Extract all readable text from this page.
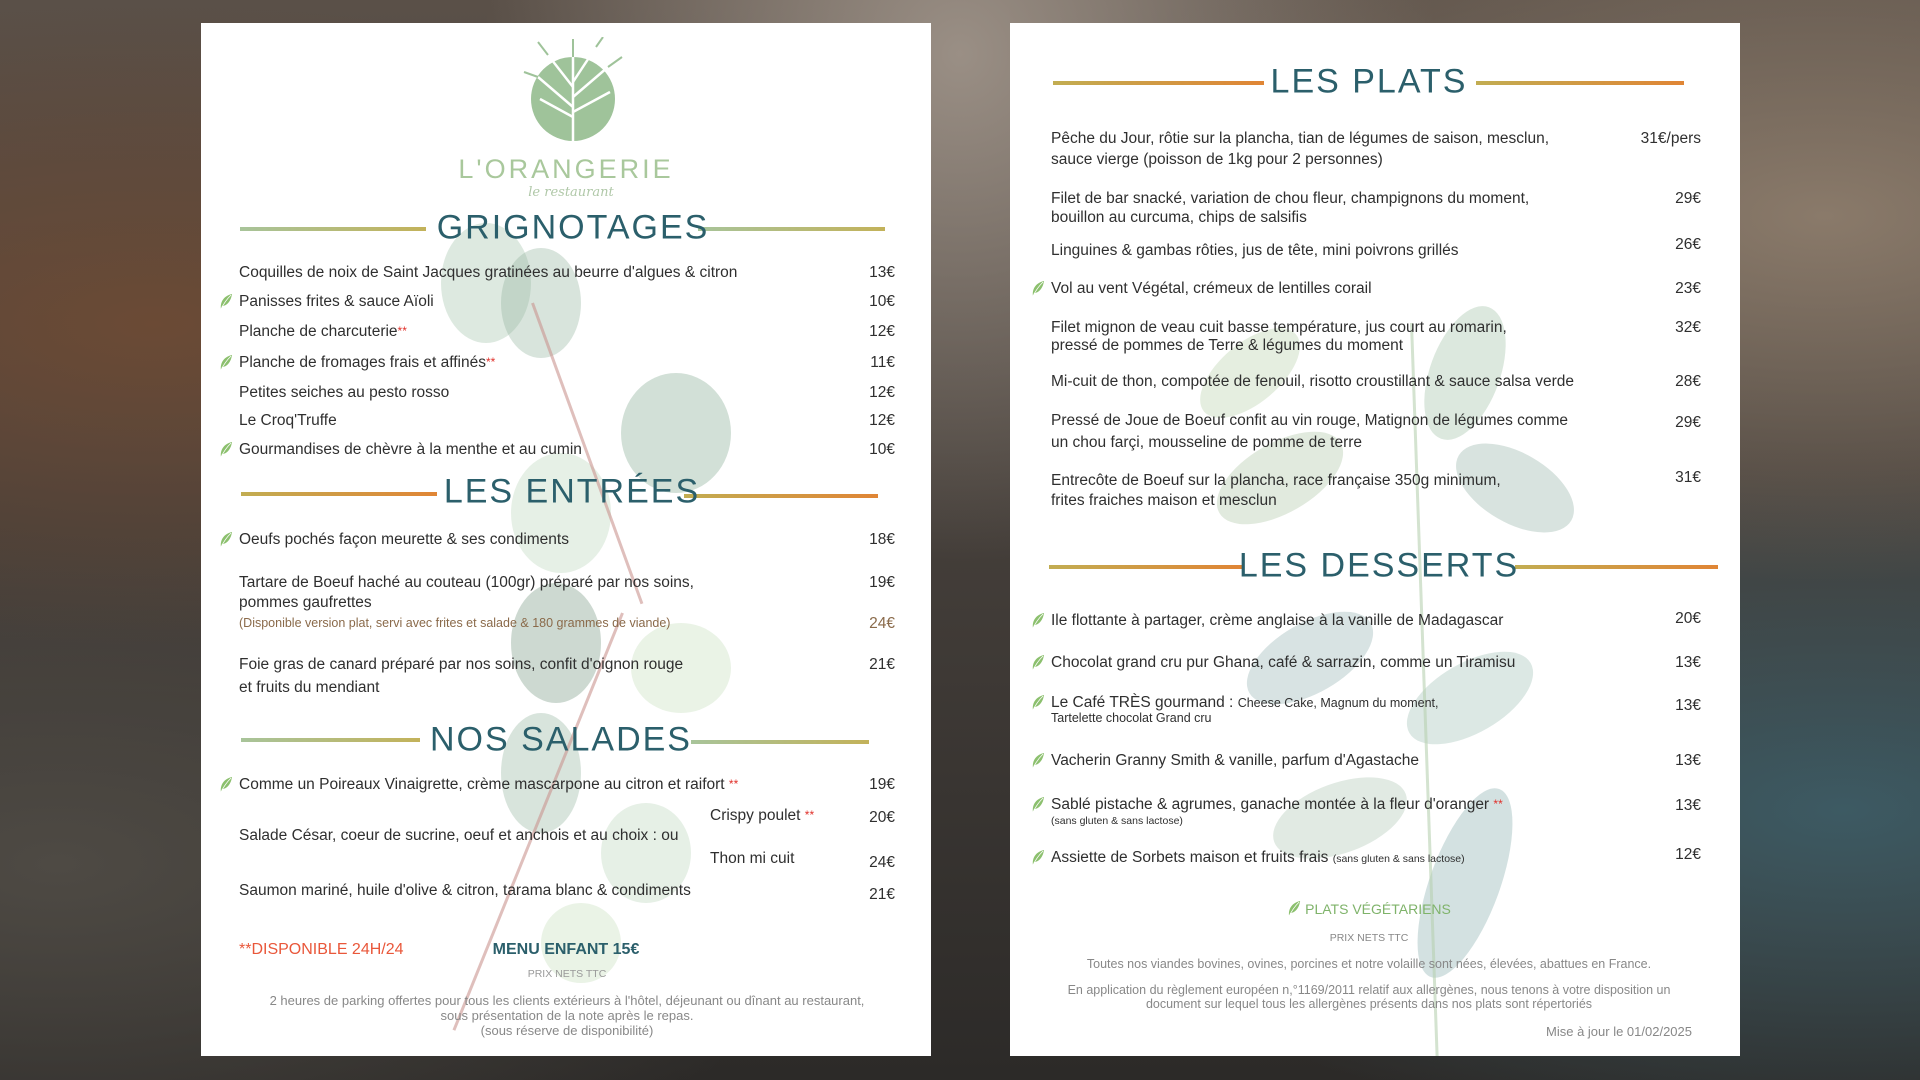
L'ORANGERIE
le restaurant
GRIGNOTAGES
Coquilles de noix de Saint Jacques gratinées au beurre d'algues & citron	13€
Panisses frites & sauce Aïoli	10€
Planche de charcuterie**	12€
Planche de fromages frais et affinés**	11€
Petites seiches au pesto rosso	12€
Le Croq'Truffe	12€
Gourmandises de chèvre à la menthe et au cumin	10€
LES ENTRÉES
Oeufs pochés façon meurette & ses condiments	18€
Tartare de Boeuf haché au couteau (100gr) préparé par nos soins,	19€
pommes gaufrettes
(Disponible version plat, servi avec frites et salade & 180 grammes de viande)	24€
Foie gras de canard préparé par nos soins, confit d'oignon rouge	21€
et fruits du mendiant
NOS SALADES
Comme un Poireaux Vinaigrette, crème mascarpone au citron et raifort **	19€
Salade César, coeur de sucrine, oeuf et anchois et au choix : ou
Crispy poulet **	20€
Thon mi cuit	24€
Saumon mariné, huile d'olive & citron, tarama blanc & condiments	21€
**DISPONIBLE 24H/24	MENU ENFANT 15€
PRIX NETS TTC
2 heures de parking offertes pour tous les clients extérieurs à l'hôtel, déjeunant ou dînant au restaurant,
sous présentation de la note après le repas.
(sous réserve de disponibilité)
LES PLATS
Pêche du Jour, rôtie sur la plancha, tian de légumes de saison, mesclun,	31€/pers
sauce vierge (poisson de 1kg pour 2 personnes)
Filet de bar snacké, variation de chou fleur, champignons du moment,	29€
bouillon au curcuma, chips de salsifis
Linguines & gambas rôties, jus de tête, mini poivrons grillés	26€
Vol au vent Végétal, crémeux de lentilles corail	23€
Filet mignon de veau cuit basse température, jus court au romarin,	32€
pressé de pommes de Terre & légumes du moment
Mi-cuit de thon, compotée de fenouil, risotto croustillant & sauce salsa verde	28€
Pressé de Joue de Boeuf confit au vin rouge, Matignon de légumes comme	29€
un chou farçi, mousseline de pomme de terre
Entrecôte de Boeuf sur la plancha, race française 350g minimum,	31€
frites fraiches maison et mesclun
LES DESSERTS
Ile flottante à partager, crème anglaise à la vanille de Madagascar	20€
Chocolat grand cru pur Ghana, café & sarrazin, comme un Tiramisu	13€
Le Café TRÈS gourmand : Cheese Cake, Magnum du moment,	13€
Tartelette chocolat Grand cru
Vacherin Granny Smith & vanille, parfum d'Agastache	13€
Sablé pistache & agrumes, ganache montée à la fleur d'oranger **	13€
(sans gluten & sans lactose)
Assiette de Sorbets maison et fruits frais (sans gluten & sans lactose)	12€
PLATS VÉGÉTARIENS
PRIX NETS TTC
Toutes nos viandes bovines, ovines, porcines et notre volaille sont nées, élevées, abattues en France.
En application du règlement européen n,°1169/2011 relatif aux allergènes, nous tenons à votre disposition un
document sur lequel tous les allergènes présents dans nos plats sont répertoriés
Mise à jour le 01/02/2025
